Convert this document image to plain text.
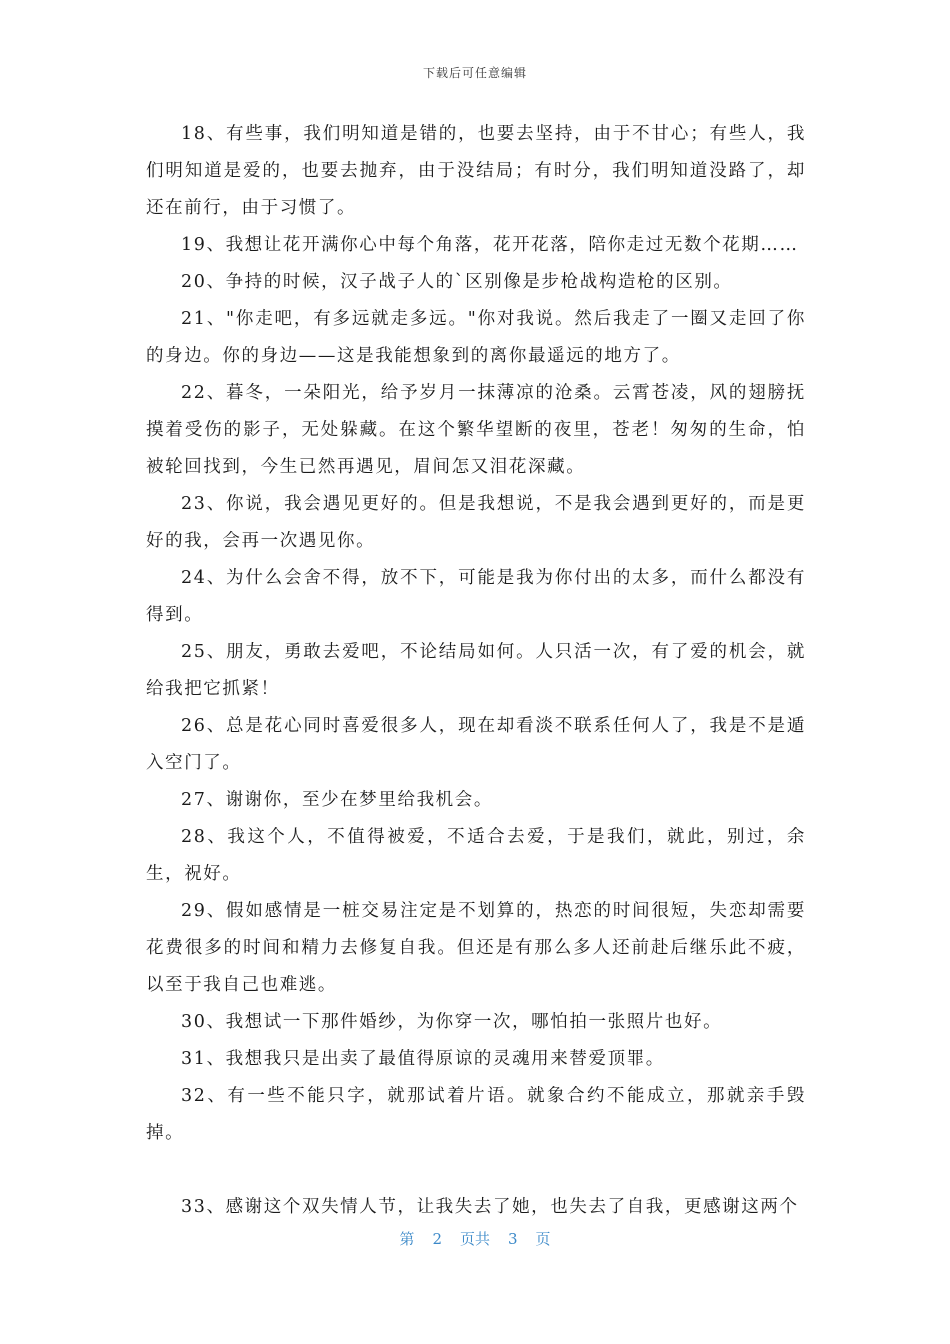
下载后可任意编辑

18、有些事，我们明知道是错的，也要去坚持，由于不甘心；有些人，我们明知道是爱的，也要去抛弃，由于没结局；有时分，我们明知道没路了，却还在前行，由于习惯了。

19、我想让花开满你心中每个角落，花开花落，陪你走过无数个花期……

20、争持的时候，汉子战子人的`区别像是步枪战构造枪的区别。

21、"你走吧，有多远就走多远。"你对我说。然后我走了一圈又走回了你的身边。你的身边——这是我能想象到的离你最遥远的地方了。

22、暮冬，一朵阳光，给予岁月一抹薄凉的沧桑。云霄苍凌，风的翅膀抚摸着受伤的影子，无处躲藏。在这个繁华望断的夜里，苍老！匆匆的生命，怕被轮回找到，今生已然再遇见，眉间怎又泪花深藏。

23、你说，我会遇见更好的。但是我想说，不是我会遇到更好的，而是更好的我，会再一次遇见你。

24、为什么会舍不得，放不下，可能是我为你付出的太多，而什么都没有得到。

25、朋友，勇敢去爱吧，不论结局如何。人只活一次，有了爱的机会，就给我把它抓紧！

26、总是花心同时喜爱很多人，现在却看淡不联系任何人了，我是不是遁入空门了。

27、谢谢你，至少在梦里给我机会。

28、我这个人，不值得被爱，不适合去爱，于是我们，就此，别过，余生，祝好。

29、假如感情是一桩交易注定是不划算的，热恋的时间很短，失恋却需要花费很多的时间和精力去修复自我。但还是有那么多人还前赴后继乐此不疲，以至于我自己也难逃。

30、我想试一下那件婚纱，为你穿一次，哪怕拍一张照片也好。

31、我想我只是出卖了最值得原谅的灵魂用来替爱顶罪。

32、有一些不能只字，就那试着片语。就象合约不能成立，那就亲手毁掉。

33、感谢这个双失情人节，让我失去了她，也失去了自我，更感谢这两个

第 2 页共 3 页
